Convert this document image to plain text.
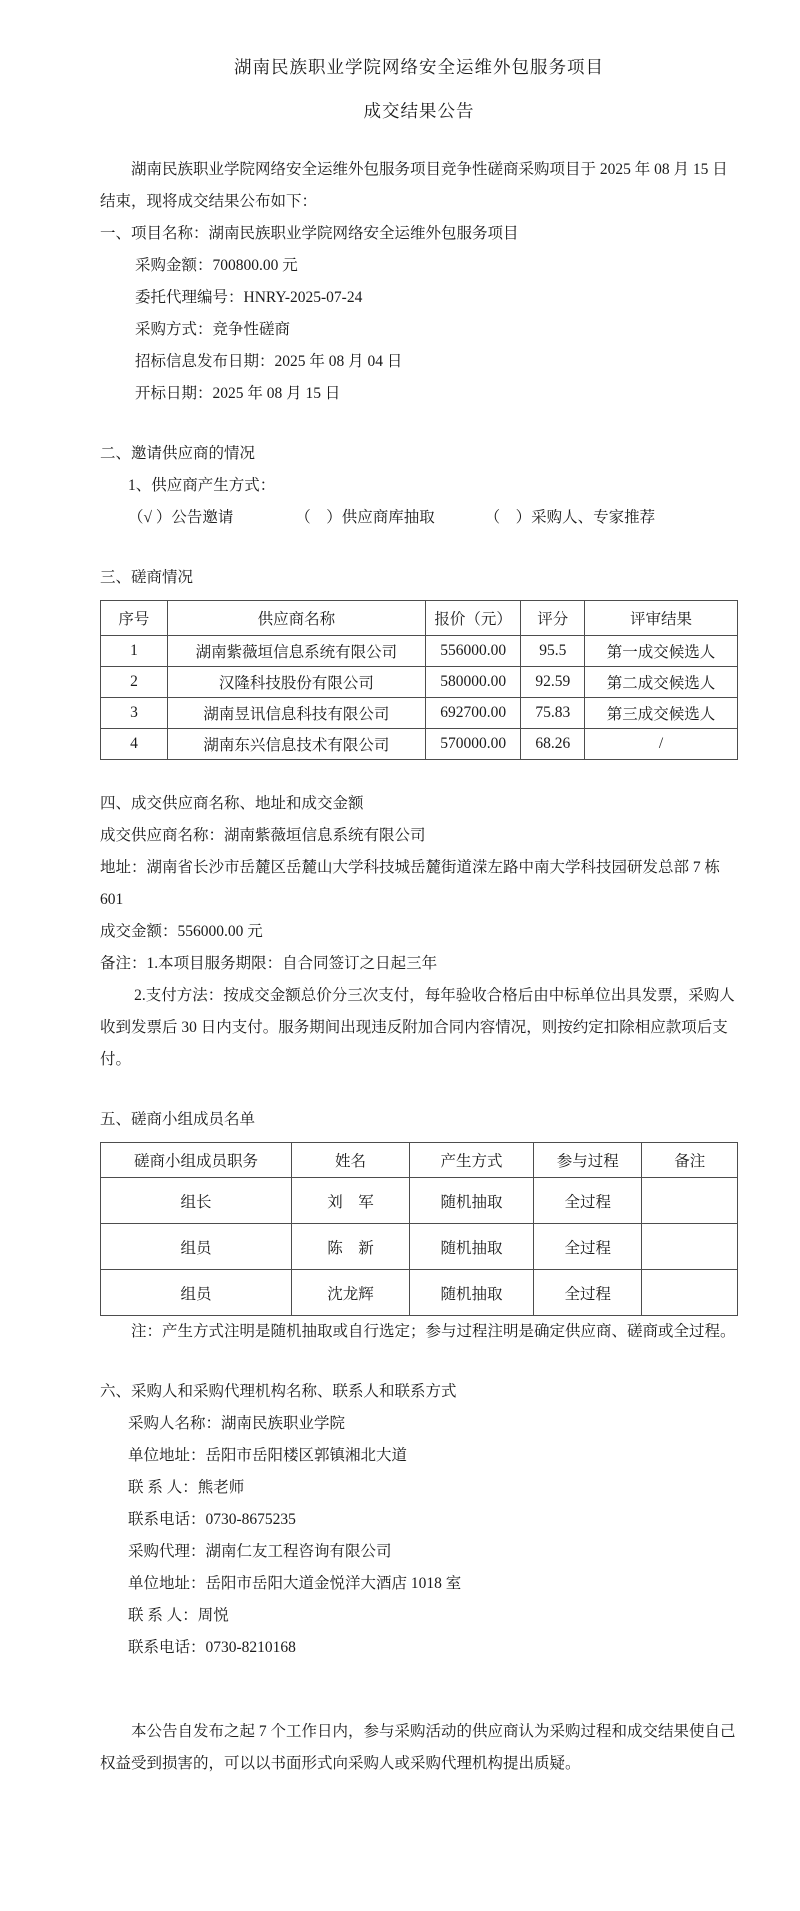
湖南民族职业学院网络安全运维外包服务项目

成交结果公告

湖南民族职业学院网络安全运维外包服务项目竞争性磋商采购项目于 2025 年 08 月 15 日结束，现将成交结果公布如下：

一、项目名称：湖南民族职业学院网络安全运维外包服务项目

采购金额：700800.00 元

委托代理编号：HNRY-2025-07-24

采购方式：竞争性磋商

招标信息发布日期：2025 年 08 月 04 日

开标日期：2025 年 08 月 15 日

二、邀请供应商的情况

1、供应商产生方式：

（√ ）公告邀请	（　）供应商库抽取	（　）采购人、专家推荐

三、磋商情况

序号	供应商名称	报价（元）	评分	评审结果
1	湖南紫薇垣信息系统有限公司	556000.00	95.5	第一成交候选人
2	汉隆科技股份有限公司	580000.00	92.59	第二成交候选人
3	湖南昱讯信息科技有限公司	692700.00	75.83	第三成交候选人
4	湖南东兴信息技术有限公司	570000.00	68.26	/

四、成交供应商名称、地址和成交金额

成交供应商名称：湖南紫薇垣信息系统有限公司

地址：湖南省长沙市岳麓区岳麓山大学科技城岳麓街道溁左路中南大学科技园研发总部 7 栋 601

成交金额：556000.00 元

备注：1.本项目服务期限：自合同签订之日起三年

2.支付方法：按成交金额总价分三次支付，每年验收合格后由中标单位出具发票，采购人收到发票后 30 日内支付。服务期间出现违反附加合同内容情况，则按约定扣除相应款项后支付。

五、磋商小组成员名单

磋商小组成员职务	姓名	产生方式	参与过程	备注
组长	刘　军	随机抽取	全过程	
组员	陈　新	随机抽取	全过程	
组员	沈龙辉	随机抽取	全过程	

注：产生方式注明是随机抽取或自行选定；参与过程注明是确定供应商、磋商或全过程。

六、采购人和采购代理机构名称、联系人和联系方式

采购人名称：湖南民族职业学院

单位地址：岳阳市岳阳楼区郭镇湘北大道

联 系 人：熊老师

联系电话：0730-8675235

采购代理：湖南仁友工程咨询有限公司

单位地址：岳阳市岳阳大道金悦洋大酒店 1018 室

联 系 人：周悦

联系电话：0730-8210168

本公告自发布之起 7 个工作日内，参与采购活动的供应商认为采购过程和成交结果使自己权益受到损害的，可以以书面形式向采购人或采购代理机构提出质疑。
